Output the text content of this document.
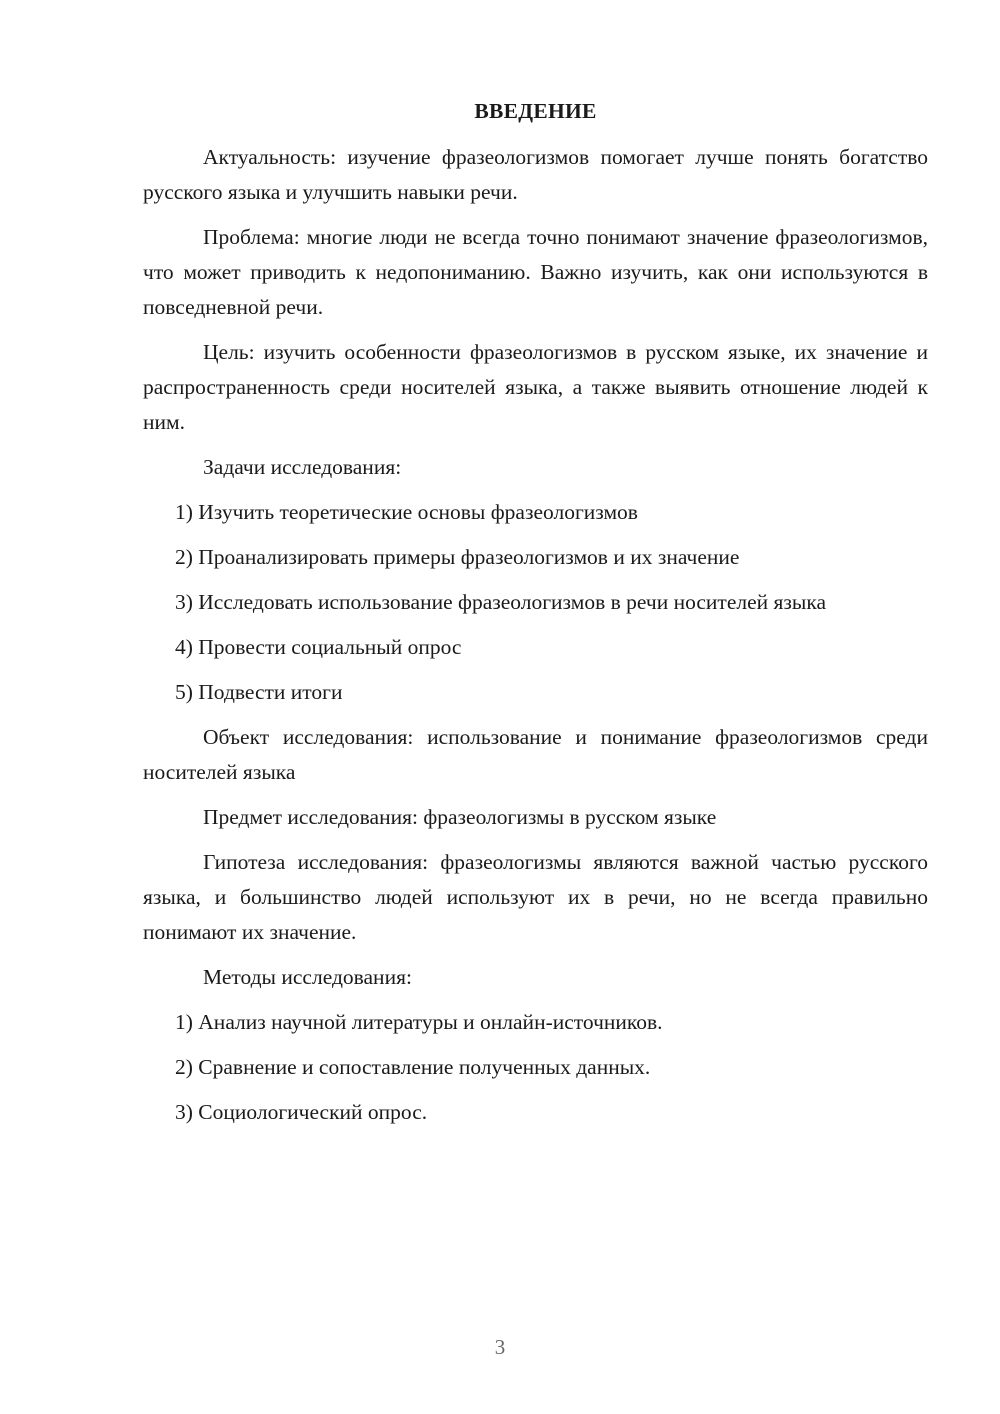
ВВЕДЕНИЕ

Актуальность: изучение фразеологизмов помогает лучше понять богатство русского языка и улучшить навыки речи.

Проблема: многие люди не всегда точно понимают значение фразеологизмов, что может приводить к недопониманию. Важно изучить, как они используются в повседневной речи.

Цель: изучить особенности фразеологизмов в русском языке, их значение и распространенность среди носителей языка, а также выявить отношение людей к ним.

Задачи исследования:

1) Изучить теоретические основы фразеологизмов
2) Проанализировать примеры фразеологизмов и их значение
3) Исследовать использование фразеологизмов в речи носителей языка
4) Провести социальный опрос
5) Подвести итоги

Объект исследования: использование и понимание фразеологизмов среди носителей языка

Предмет исследования: фразеологизмы в русском языке

Гипотеза исследования: фразеологизмы являются важной частью русского языка, и большинство людей используют их в речи, но не всегда правильно понимают их значение.

Методы исследования:

1) Анализ научной литературы и онлайн-источников.
2) Сравнение и сопоставление полученных данных.
3) Социологический опрос.
3
